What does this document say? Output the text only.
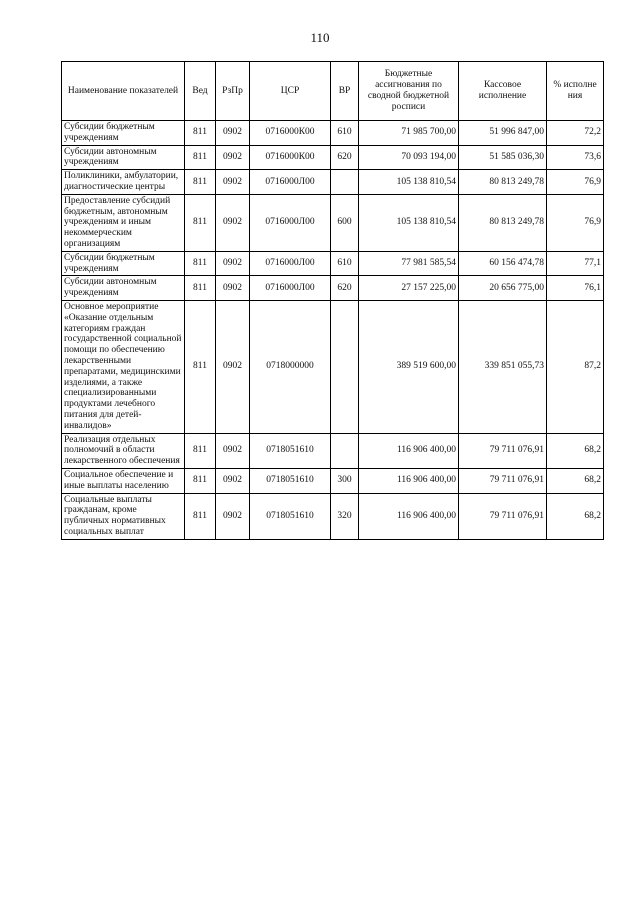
110
Наименование показателей	Вед	РзПр	ЦСР	ВР	Бюджетные ассигнования по сводной бюджетной росписи	Кассовое исполнение	% исполне ния
Субсидии бюджетным учреждениям	811	0902	0716000К00	610	71 985 700,00	51 996 847,00	72,2
Субсидии автономным учреждениям	811	0902	0716000К00	620	70 093 194,00	51 585 036,30	73,6
Поликлиники, амбулатории, диагностические центры	811	0902	0716000Л00		105 138 810,54	80 813 249,78	76,9
Предоставление субсидий бюджетным, автономным учреждениям и иным некоммерческим организациям	811	0902	0716000Л00	600	105 138 810,54	80 813 249,78	76,9
Субсидии бюджетным учреждениям	811	0902	0716000Л00	610	77 981 585,54	60 156 474,78	77,1
Субсидии автономным учреждениям	811	0902	0716000Л00	620	27 157 225,00	20 656 775,00	76,1
Основное мероприятие «Оказание отдельным категориям граждан государственной социальной помощи по обеспечению лекарственными препаратами, медицинскими изделиями, а также специализированными продуктами лечебного питания для детей-инвалидов»	811	0902	0718000000		389 519 600,00	339 851 055,73	87,2
Реализация отдельных полномочий в области лекарственного обеспечения	811	0902	0718051610		116 906 400,00	79 711 076,91	68,2
Социальное обеспечение и иные выплаты населению	811	0902	0718051610	300	116 906 400,00	79 711 076,91	68,2
Социальные выплаты гражданам, кроме публичных нормативных социальных выплат	811	0902	0718051610	320	116 906 400,00	79 711 076,91	68,2
